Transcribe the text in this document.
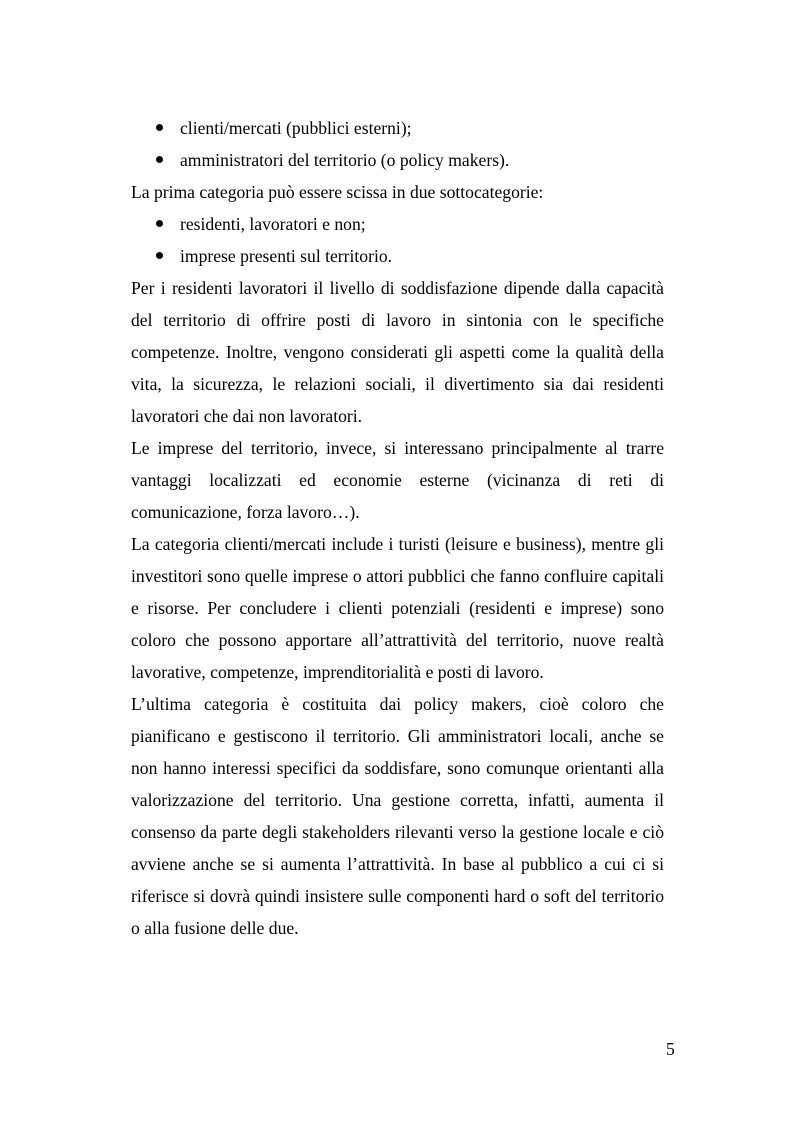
clienti/mercati (pubblici esterni);
amministratori del territorio (o policy makers).
La prima categoria può essere scissa in due sottocategorie:
residenti, lavoratori e non;
imprese presenti sul territorio.

Per i residenti lavoratori il livello di soddisfazione dipende dalla capacità del territorio di offrire posti di lavoro in sintonia con le specifiche competenze. Inoltre, vengono considerati gli aspetti come la qualità della vita, la sicurezza, le relazioni sociali, il divertimento sia dai residenti lavoratori che dai non lavoratori.

Le imprese del territorio, invece, si interessano principalmente al trarre vantaggi localizzati ed economie esterne (vicinanza di reti di comunicazione, forza lavoro…).

La categoria clienti/mercati include i turisti (leisure e business), mentre gli investitori sono quelle imprese o attori pubblici che fanno confluire capitali e risorse. Per concludere i clienti potenziali (residenti e imprese) sono coloro che possono apportare all’attrattività del territorio, nuove realtà lavorative, competenze, imprenditorialità e posti di lavoro.

L’ultima categoria è costituita dai policy makers, cioè coloro che pianificano e gestiscono il territorio. Gli amministratori locali, anche se non hanno interessi specifici da soddisfare, sono comunque orientanti alla valorizzazione del territorio. Una gestione corretta, infatti, aumenta il consenso da parte degli stakeholders rilevanti verso la gestione locale e ciò avviene anche se si aumenta l’attrattività. In base al pubblico a cui ci si riferisce si dovrà quindi insistere sulle componenti hard o soft del territorio o alla fusione delle due.

5
